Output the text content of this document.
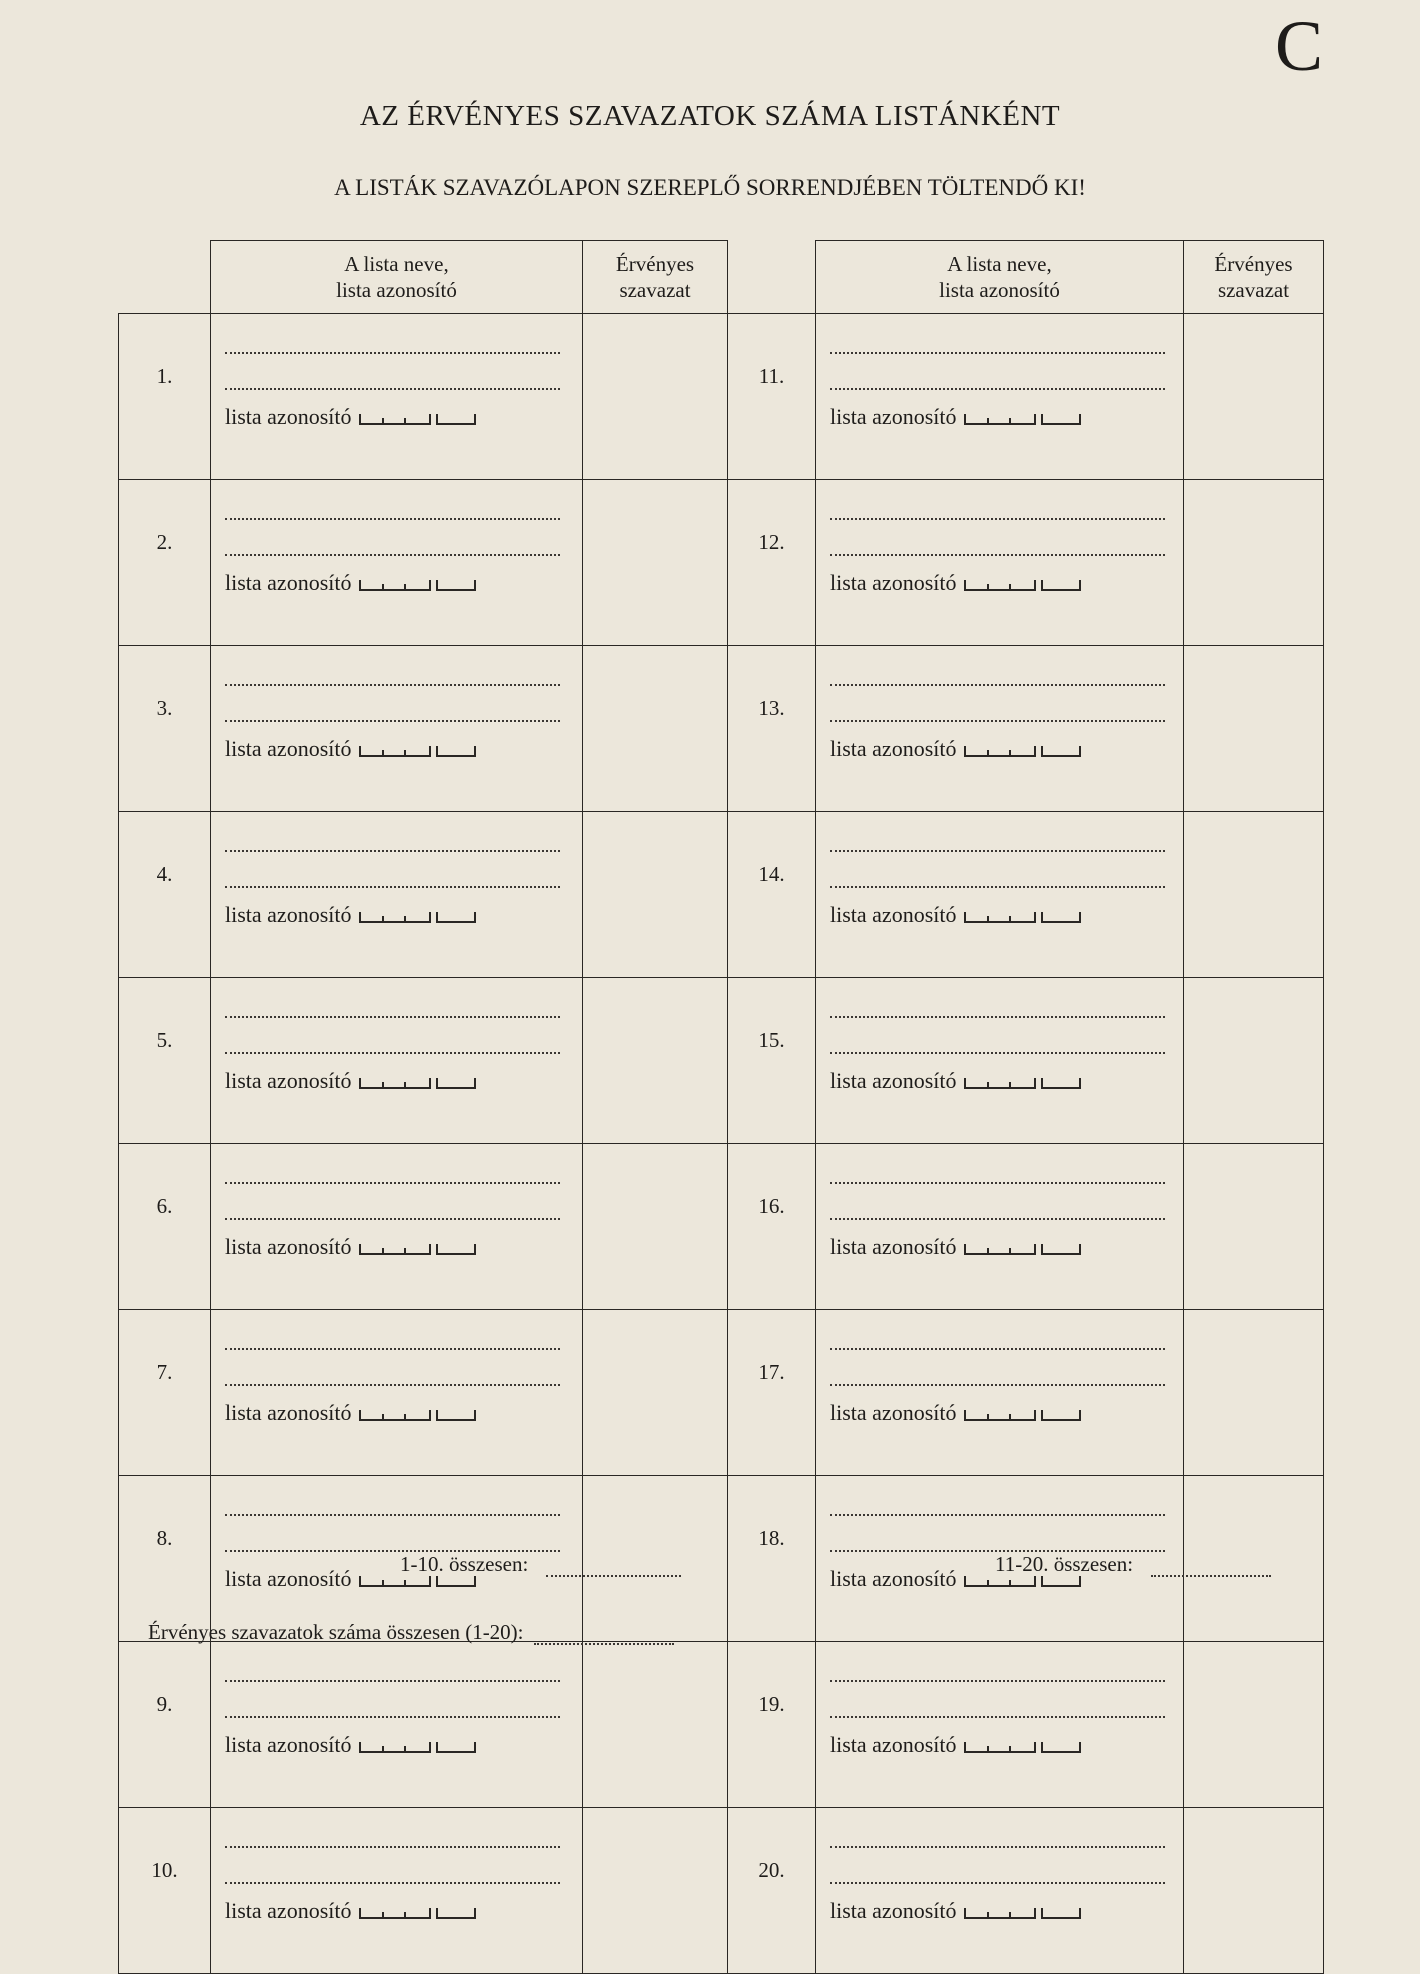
C
AZ ÉRVÉNYES SZAVAZATOK SZÁMA LISTÁNKÉNT
A LISTÁK SZAVAZÓLAPON SZEREPLŐ SORRENDJÉBEN TÖLTENDŐ KI!
	A lista neve,
lista azonosító	Érvényes
szavazat		A lista neve,
lista azonosító	Érvényes
szavazat
1.	lista azonosító		11.	lista azonosító	

2.	lista azonosító		12.	lista azonosító	

3.	lista azonosító		13.	lista azonosító	

4.	lista azonosító		14.	lista azonosító	

5.	lista azonosító		15.	lista azonosító	

6.	lista azonosító		16.	lista azonosító	

7.	lista azonosító		17.	lista azonosító	

8.	lista azonosító		18.	lista azonosító	

9.	lista azonosító		19.	lista azonosító	

10.	lista azonosító		20.	lista azonosító	

1-10. összesen:	11-20. összesen:
Érvényes szavazatok száma összesen (1-20):
